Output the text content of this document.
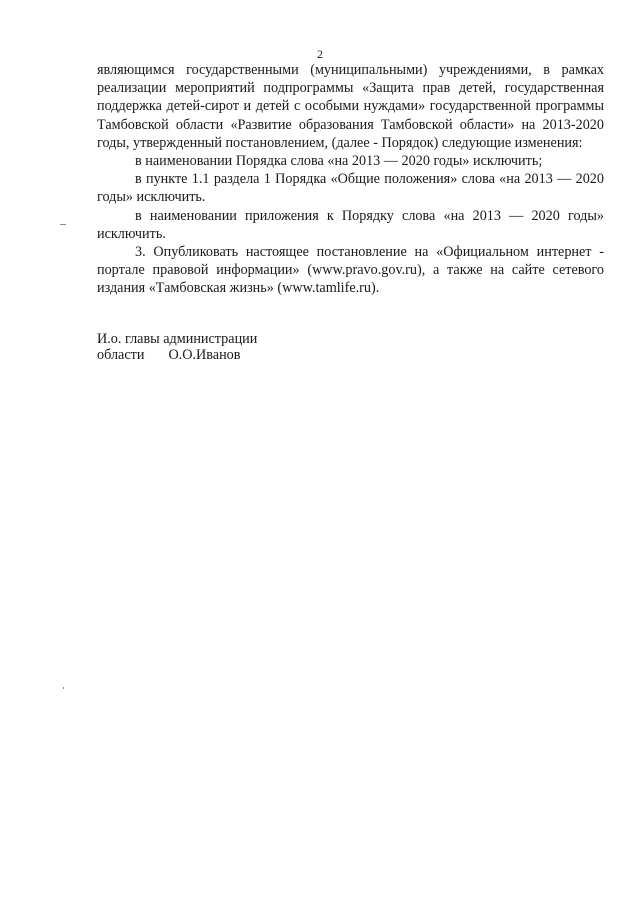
2

являющимся государственными (муниципальными) учреждениями, в рамках реализации мероприятий подпрограммы «Защита прав детей, государственная поддержка детей-сирот и детей с особыми нуждами» государственной программы Тамбовской области «Развитие образования Тамбовской области» на 2013-2020 годы, утвержденный постановлением, (далее - Порядок) следующие изменения:

в наименовании Порядка слова «на 2013 — 2020 годы» исключить;

в пункте 1.1 раздела 1 Порядка «Общие положения» слова «на 2013 — 2020 годы» исключить.

в наименовании приложения к Порядку слова «на 2013 — 2020 годы» исключить.

3. Опубликовать настоящее постановление на «Официальном интернет - портале правовой информации» (www.pravo.gov.ru), а также на сайте сетевого издания «Тамбовская жизнь» (www.tamlife.ru).

И.о. главы администрации
области О.О.Иванов
